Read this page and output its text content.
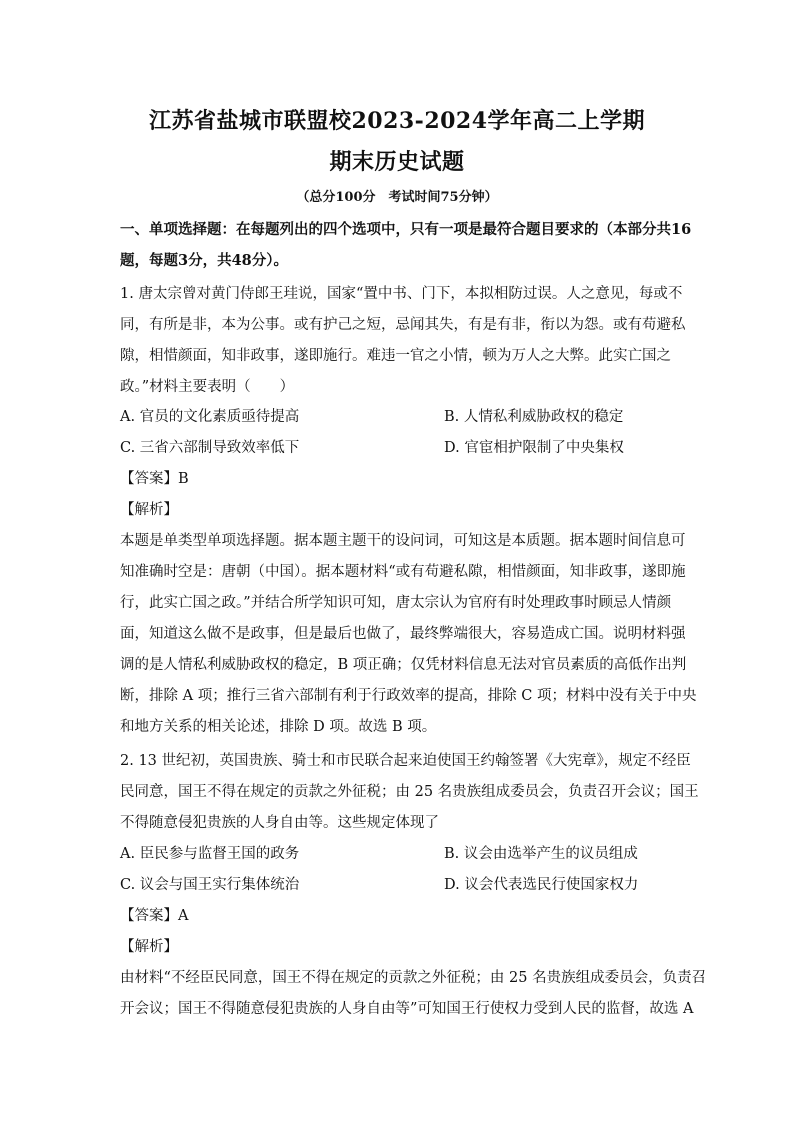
江苏省盐城市联盟校2023-2024学年高二上学期
期末历史试题
（总分100分　考试时间75分钟）
一、单项选择题：在每题列出的四个选项中，只有一项是最符合题目要求的（本部分共16
题，每题3分，共48分）。
1. 唐太宗曾对黄门侍郎王珪说，国家“置中书、门下，本拟相防过误。人之意见，每或不
同，有所是非，本为公事。或有护己之短，忌闻其失，有是有非，衔以为怨。或有苟避私
隙，相惜颜面，知非政事，遂即施行。难违一官之小情，顿为万人之大弊。此实亡国之
政。”材料主要表明（　　）
A. 官员的文化素质亟待提高	B. 人情私利威胁政权的稳定
C. 三省六部制导致效率低下	D. 官宦相护限制了中央集权
【答案】B
【解析】
本题是单类型单项选择题。据本题主题干的设问词，可知这是本质题。据本题时间信息可
知准确时空是：唐朝（中国）。据本题材料“或有苟避私隙，相惜颜面，知非政事，遂即施
行，此实亡国之政。”并结合所学知识可知，唐太宗认为官府有时处理政事时顾忌人情颜
面，知道这么做不是政事，但是最后也做了，最终弊端很大，容易造成亡国。说明材料强
调的是人情私利威胁政权的稳定，B 项正确；仅凭材料信息无法对官员素质的高低作出判
断，排除 A 项；推行三省六部制有利于行政效率的提高，排除 C 项；材料中没有关于中央
和地方关系的相关论述，排除 D 项。故选 B 项。
2. 13 世纪初，英国贵族、骑士和市民联合起来迫使国王约翰签署《大宪章》，规定不经臣
民同意，国王不得在规定的贡款之外征税；由 25 名贵族组成委员会，负责召开会议；国王
不得随意侵犯贵族的人身自由等。这些规定体现了
A. 臣民参与监督王国的政务	B. 议会由选举产生的议员组成
C. 议会与国王实行集体统治	D. 议会代表选民行使国家权力
【答案】A
【解析】
由材料“不经臣民同意，国王不得在规定的贡款之外征税；由 25 名贵族组成委员会，负责召
开会议；国王不得随意侵犯贵族的人身自由等”可知国王行使权力受到人民的监督，故选 A
